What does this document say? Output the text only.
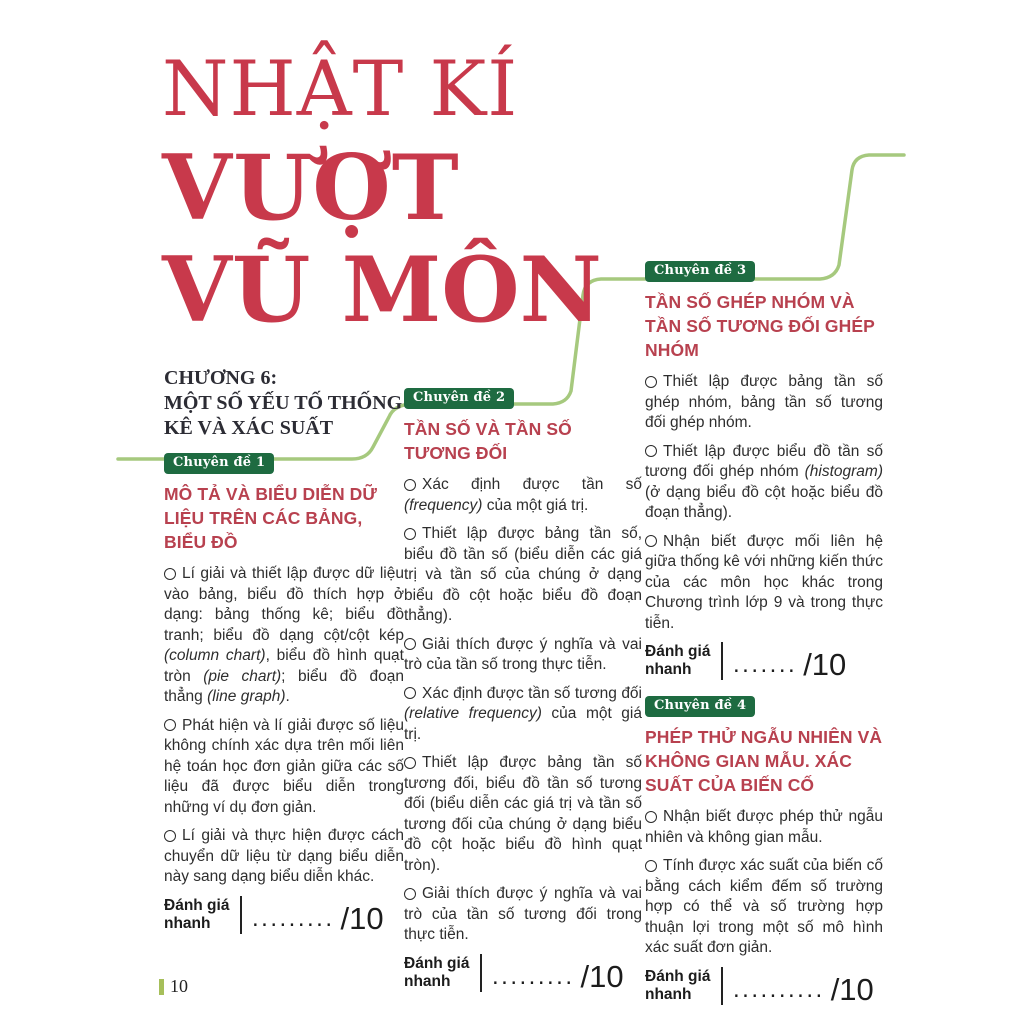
NHẬT KÍ
VƯỢT
VŨ MÔN
CHƯƠNG 6:
MỘT SỐ YẾU TỐ THỐNG KÊ VÀ XÁC SUẤT
Chuyên đề 1
MÔ TẢ VÀ BIỂU DIỄN DỮ LIỆU TRÊN CÁC BẢNG, BIỂU ĐỒ

Lí giải và thiết lập được dữ liệu vào bảng, biểu đồ thích hợp ở dạng: bảng thống kê; biểu đồ tranh; biểu đồ dạng cột/cột kép (column chart), biểu đồ hình quạt tròn (pie chart); biểu đồ đoạn thẳng (line graph).

Phát hiện và lí giải được số liệu không chính xác dựa trên mối liên hệ toán học đơn giản giữa các số liệu đã được biểu diễn trong những ví dụ đơn giản.

Lí giải và thực hiện được cách chuyển dữ liệu từ dạng biểu diễn này sang dạng biểu diễn khác.

Đánh giá nhanh	......... /10
Chuyên đề 2
TẦN SỐ VÀ TẦN SỐ TƯƠNG ĐỐI

Xác định được tần số (frequency) của một giá trị.

Thiết lập được bảng tần số, biểu đồ tần số (biểu diễn các giá trị và tần số của chúng ở dạng biểu đồ cột hoặc biểu đồ đoạn thẳng).

Giải thích được ý nghĩa và vai trò của tần số trong thực tiễn.

Xác định được tần số tương đối (relative frequency) của một giá trị.

Thiết lập được bảng tần số tương đối, biểu đồ tần số tương đối (biểu diễn các giá trị và tần số tương đối của chúng ở dạng biểu đồ cột hoặc biểu đồ hình quạt tròn).

Giải thích được ý nghĩa và vai trò của tần số tương đối trong thực tiễn.

Đánh giá nhanh	......... /10
Chuyên đề 3
TẦN SỐ GHÉP NHÓM VÀ TẦN SỐ TƯƠNG ĐỐI GHÉP NHÓM

Thiết lập được bảng tần số ghép nhóm, bảng tần số tương đối ghép nhóm.

Thiết lập được biểu đồ tần số tương đối ghép nhóm (histogram) (ở dạng biểu đồ cột hoặc biểu đồ đoạn thẳng).

Nhận biết được mối liên hệ giữa thống kê với những kiến thức của các môn học khác trong Chương trình lớp 9 và trong thực tiễn.

Đánh giá nhanh	....... /10
Chuyên đề 4
PHÉP THỬ NGẪU NHIÊN VÀ KHÔNG GIAN MẪU. XÁC SUẤT CỦA BIẾN CỐ

Nhận biết được phép thử ngẫu nhiên và không gian mẫu.

Tính được xác suất của biến cố bằng cách kiểm đếm số trường hợp có thể và số trường hợp thuận lợi trong một số mô hình xác suất đơn giản.

Đánh giá nhanh	.......... /10
10
